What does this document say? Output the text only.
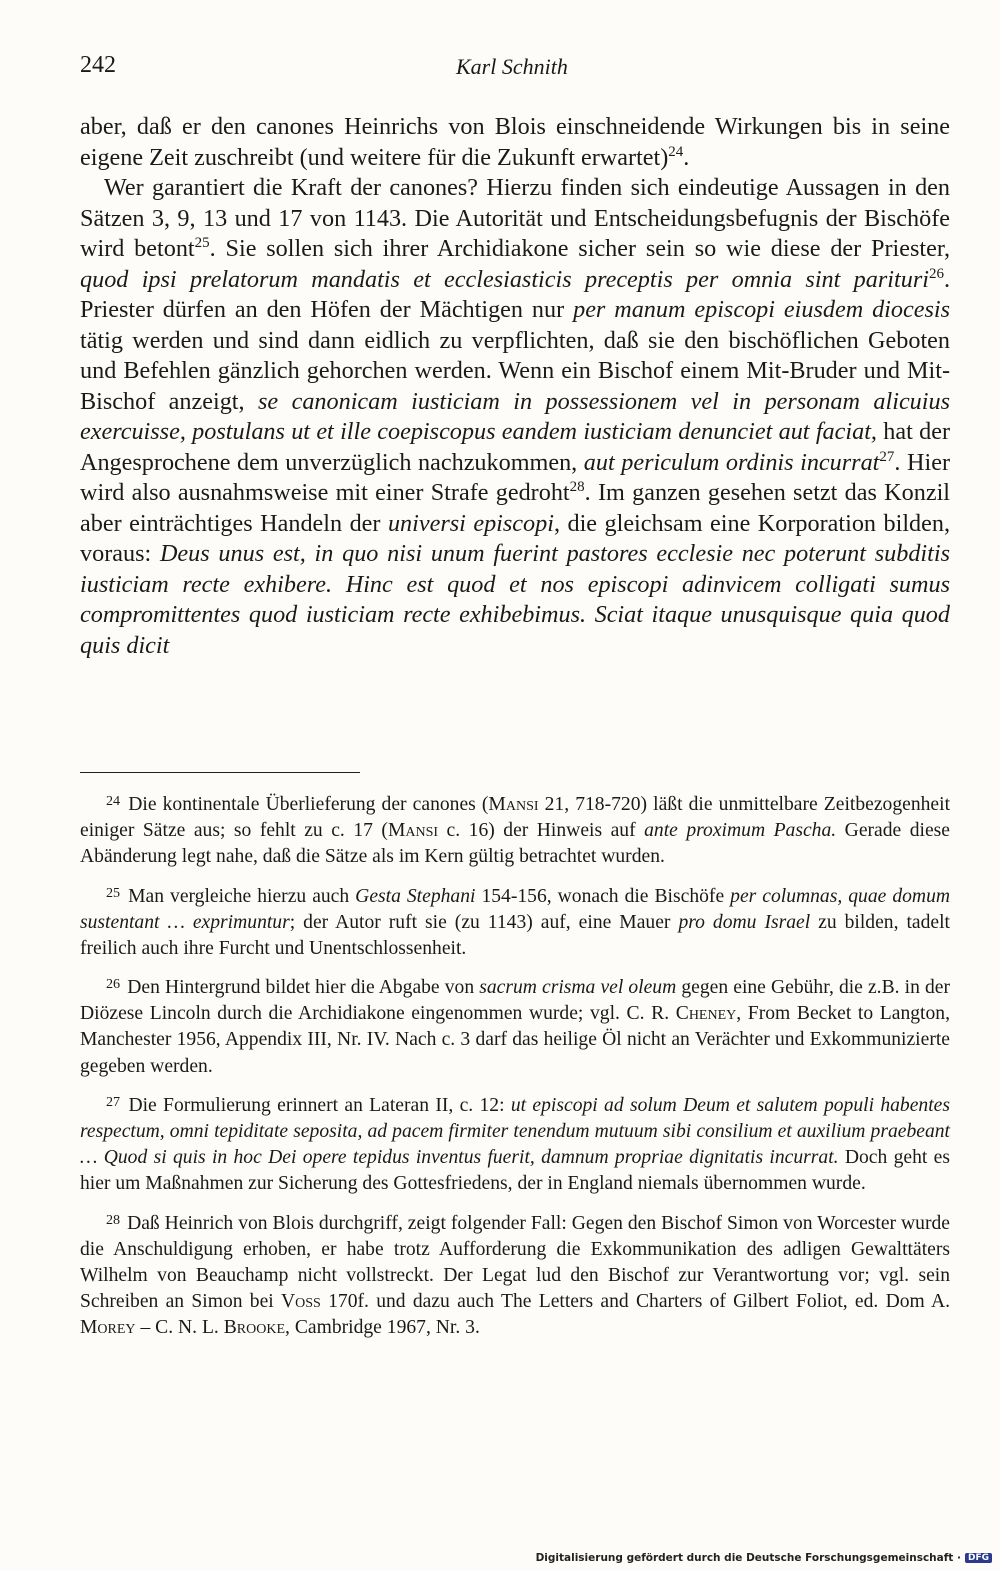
242	Karl Schnith

aber, daß er den canones Heinrichs von Blois einschneidende Wirkungen bis in seine eigene Zeit zuschreibt (und weitere für die Zukunft erwartet)$^{24}$.

Wer garantiert die Kraft der canones? Hierzu finden sich eindeutige Aussagen in den Sätzen 3, 9, 13 und 17 von 1143. Die Autorität und Entscheidungsbefugnis der Bischöfe wird betont$^{25}$. Sie sollen sich ihrer Archidiakone sicher sein so wie diese der Priester, quod ipsi prelatorum mandatis et ecclesiasticis preceptis per omnia sint parituri$^{26}$. Priester dürfen an den Höfen der Mächtigen nur per manum episcopi eiusdem diocesis tätig werden und sind dann eidlich zu verpflichten, daß sie den bischöflichen Geboten und Befehlen gänzlich gehorchen werden. Wenn ein Bischof einem Mit-Bruder und Mit-Bischof anzeigt, se canonicam iusticiam in possessionem vel in personam alicuius exercuisse, postulans ut et ille coepiscopus eandem iusticiam denunciet aut faciat, hat der Angesprochene dem unverzüglich nachzukommen, aut periculum ordinis incurrat$^{27}$. Hier wird also ausnahmsweise mit einer Strafe gedroht$^{28}$. Im ganzen gesehen setzt das Konzil aber einträchtiges Handeln der universi episcopi, die gleichsam eine Korporation bilden, voraus: Deus unus est, in quo nisi unum fuerint pastores ecclesie nec poterunt subditis iusticiam recte exhibere. Hinc est quod et nos episcopi adinvicem colligati sumus compromittentes quod iusticiam recte exhibebimus. Sciat itaque unusquisque quia quod quis dicit

$^{24}$ Die kontinentale Überlieferung der canones (Mansi 21, 718-720) läßt die unmittelbare Zeitbezogenheit einiger Sätze aus; so fehlt zu c. 17 (Mansi c. 16) der Hinweis auf ante proximum Pascha. Gerade diese Abänderung legt nahe, daß die Sätze als im Kern gültig betrachtet wurden.

$^{25}$ Man vergleiche hierzu auch Gesta Stephani 154-156, wonach die Bischöfe per columnas, quae domum sustentant … exprimuntur; der Autor ruft sie (zu 1143) auf, eine Mauer pro domu Israel zu bilden, tadelt freilich auch ihre Furcht und Unentschlossenheit.

$^{26}$ Den Hintergrund bildet hier die Abgabe von sacrum crisma vel oleum gegen eine Gebühr, die z.B. in der Diözese Lincoln durch die Archidiakone eingenommen wurde; vgl. C. R. Cheney, From Becket to Langton, Manchester 1956, Appendix III, Nr. IV. Nach c. 3 darf das heilige Öl nicht an Verächter und Exkommunizierte gegeben werden.

$^{27}$ Die Formulierung erinnert an Lateran II, c. 12: ut episcopi ad solum Deum et salutem populi habentes respectum, omni tepiditate seposita, ad pacem firmiter tenendum mutuum sibi consilium et auxilium praebeant … Quod si quis in hoc Dei opere tepidus inventus fuerit, damnum propriae dignitatis incurrat. Doch geht es hier um Maßnahmen zur Sicherung des Gottesfriedens, der in England niemals übernommen wurde.

$^{28}$ Daß Heinrich von Blois durchgriff, zeigt folgender Fall: Gegen den Bischof Simon von Worcester wurde die Anschuldigung erhoben, er habe trotz Aufforderung die Exkommunikation des adligen Gewalttäters Wilhelm von Beauchamp nicht vollstreckt. Der Legat lud den Bischof zur Verantwortung vor; vgl. sein Schreiben an Simon bei Voss 170f. und dazu auch The Letters and Charters of Gilbert Foliot, ed. Dom A. Morey – C. N. L. Brooke, Cambridge 1967, Nr. 3.

Digitalisierung gefördert durch die Deutsche Forschungsgemeinschaft · DFG
